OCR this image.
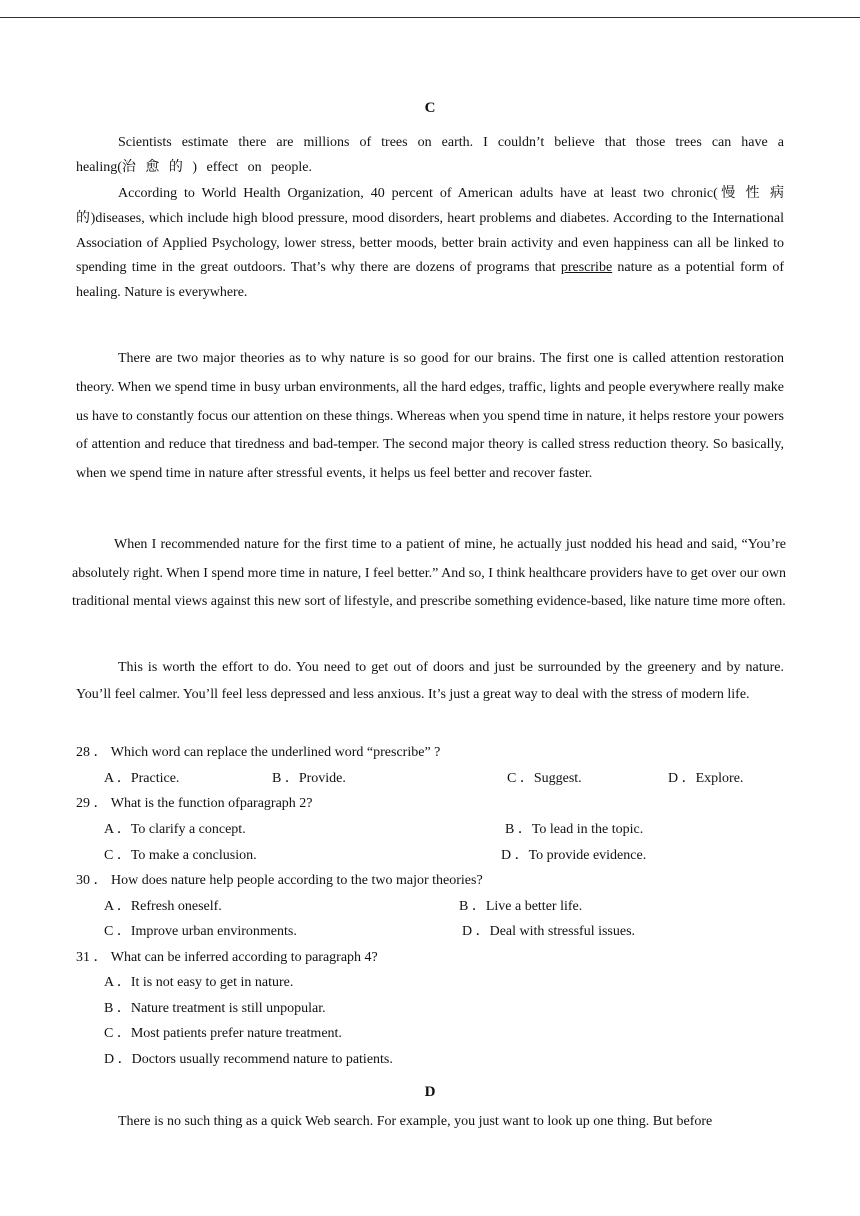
C

Scientists estimate there are millions of trees on earth. I couldn’t believe that those trees can have a healing(治 愈 的 ) effect on people.

According to World Health Organization, 40 percent of American adults have at least two chronic(慢 性 病 的)diseases, which include high blood pressure, mood disorders, heart problems and diabetes. According to the International Association of Applied Psychology, lower stress, better moods, better brain activity and even happiness can all be linked to spending time in the great outdoors. That’s why there are dozens of programs that prescribe nature as a potential form of healing. Nature is everywhere.

There are two major theories as to why nature is so good for our brains. The first one is called attention restoration theory. When we spend time in busy urban environments, all the hard edges, traffic, lights and people everywhere really make us have to constantly focus our attention on these things. Whereas when you spend time in nature, it helps restore your powers of attention and reduce that tiredness and bad-temper. The second major theory is called stress reduction theory. So basically, when we spend time in nature after stressful events, it helps us feel better and recover faster.

When I recommended nature for the first time to a patient of mine, he actually just nodded his head and said, “You’re absolutely right. When I spend more time in nature, I feel better.” And so, I think healthcare providers have to get over our own traditional mental views against this new sort of lifestyle, and prescribe something evidence-based, like nature time more often.

This is worth the effort to do. You need to get out of doors and just be surrounded by the greenery and by nature. You’ll feel calmer. You’ll feel less depressed and less anxious. It’s just a great way to deal with the stress of modern life.

28 ． Which word can replace the underlined word “prescribe” ?
A ．Practice.	B ．Provide.	C ．Suggest.	D ．Explore.
29 ． What is the function ofparagraph 2?
A ．To clarify a concept.	B ．To lead in the topic.
C ．To make a conclusion.	D ．To provide evidence.
30 ． How does nature help people according to the two major theories?
A ．Refresh oneself.	B ．Live a better life.
C ．Improve urban environments.	D ．Deal with stressful issues.
31 ． What can be inferred according to paragraph 4?
A ．It is not easy to get in nature.
B ．Nature treatment is still unpopular.
C ．Most patients prefer nature treatment.
D ．Doctors usually recommend nature to patients.
D

There is no such thing as a quick Web search. For example, you just want to look up one thing. But before
